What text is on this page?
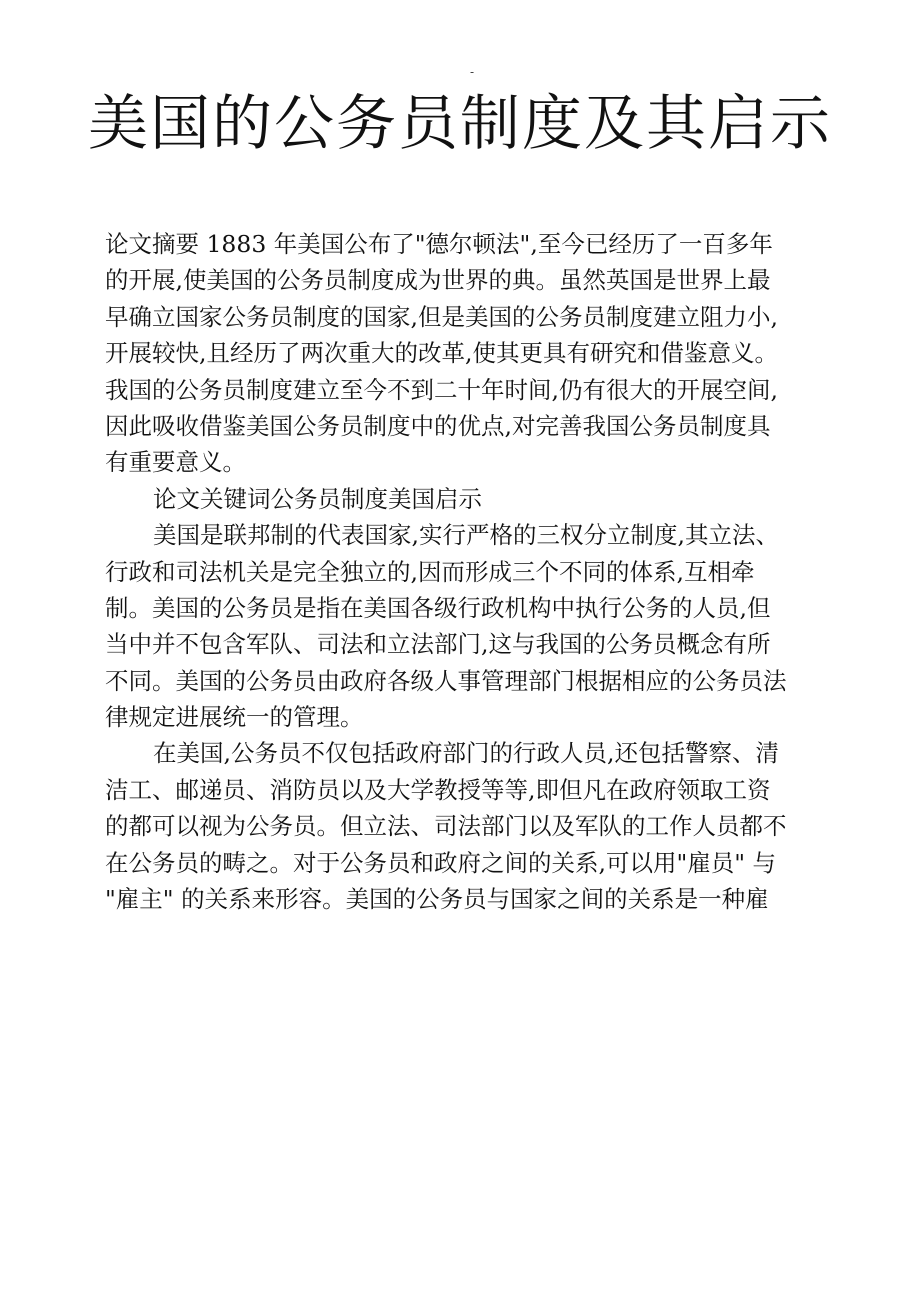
-
美国的公务员制度及其启示
论文摘要 1883 年美国公布了"德尔顿法",至今已经历了一百多年
的开展,使美国的公务员制度成为世界的典。虽然英国是世界上最
早确立国家公务员制度的国家,但是美国的公务员制度建立阻力小,
开展较快,且经历了两次重大的改革,使其更具有研究和借鉴意义。
我国的公务员制度建立至今不到二十年时间,仍有很大的开展空间,
因此吸收借鉴美国公务员制度中的优点,对完善我国公务员制度具
有重要意义。
论文关键词公务员制度美国启示
美国是联邦制的代表国家,实行严格的三权分立制度,其立法、
行政和司法机关是完全独立的,因而形成三个不同的体系,互相牵
制。美国的公务员是指在美国各级行政机构中执行公务的人员,但
当中并不包含军队、司法和立法部门,这与我国的公务员概念有所
不同。美国的公务员由政府各级人事管理部门根据相应的公务员法
律规定进展统一的管理。
在美国,公务员不仅包括政府部门的行政人员,还包括警察、清
洁工、邮递员、消防员以及大学教授等等,即但凡在政府领取工资
的都可以视为公务员。但立法、司法部门以及军队的工作人员都不
在公务员的畴之。对于公务员和政府之间的关系,可以用"雇员" 与
"雇主" 的关系来形容。美国的公务员与国家之间的关系是一种雇
